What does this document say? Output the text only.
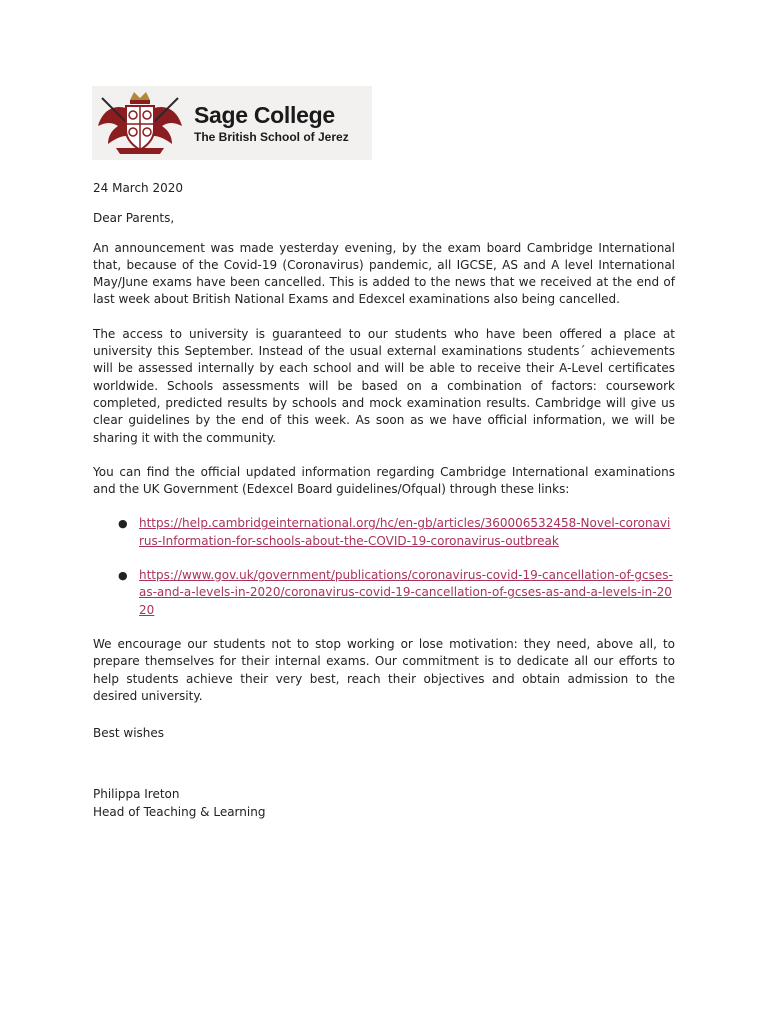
Sage College
The British School of Jerez

24 March 2020

Dear Parents,

An announcement was made yesterday evening, by the exam board Cambridge International that, because of the Covid-19 (Coronavirus) pandemic, all IGCSE, AS and A level International May/June exams have been cancelled. This is added to the news that we received at the end of last week about British National Exams and Edexcel examinations also being cancelled.

The access to university is guaranteed to our students who have been offered a place at university this September. Instead of the usual external examinations students´ achievements will be assessed internally by each school and will be able to receive their A-Level certificates worldwide. Schools assessments will be based on a combination of factors: coursework completed, predicted results by schools and mock examination results. Cambridge will give us clear guidelines by the end of this week. As soon as we have official information, we will be sharing it with the community.

You can find the official updated information regarding Cambridge International examinations and the UK Government (Edexcel Board guidelines/Ofqual) through these links:

● https://help.cambridgeinternational.org/hc/en-gb/articles/360006532458-Novel-coronavirus-Information-for-schools-about-the-COVID-19-coronavirus-outbreak
● https://www.gov.uk/government/publications/coronavirus-covid-19-cancellation-of-gcses-as-and-a-levels-in-2020/coronavirus-covid-19-cancellation-of-gcses-as-and-a-levels-in-2020

We encourage our students not to stop working or lose motivation: they need, above all, to prepare themselves for their internal exams. Our commitment is to dedicate all our efforts to help students achieve their very best, reach their objectives and obtain admission to the desired university.

Best wishes

Philippa Ireton
Head of Teaching & Learning
